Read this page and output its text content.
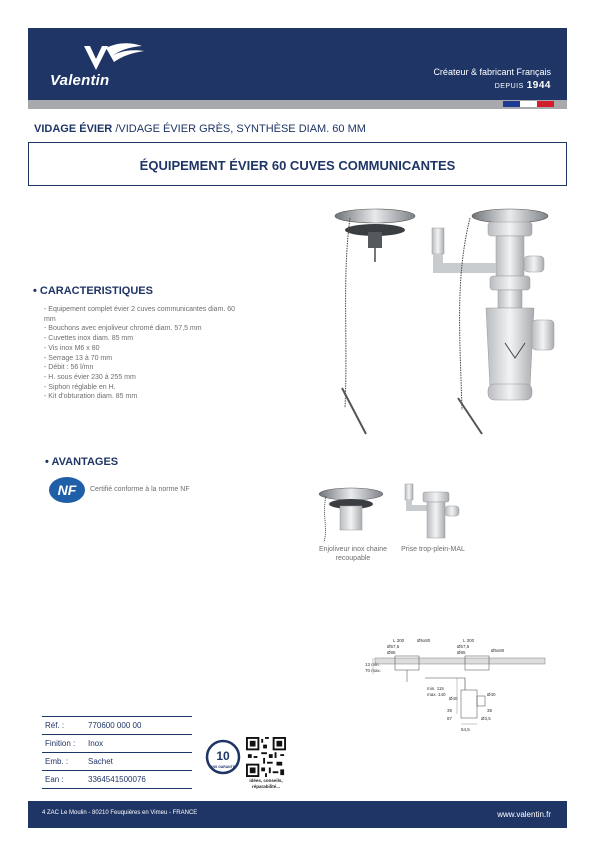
Valentin	Créateur & fabricant Français
DEPUIS 1944
VIDAGE ÉVIER /VIDAGE ÉVIER GRÈS, SYNTHÈSE DIAM. 60 MM
ÉQUIPEMENT ÉVIER 60 CUVES COMMUNICANTES
• CARACTERISTIQUES
- Equipement complet évier 2 cuves communicantes diam. 60
mm
- Bouchons avec enjoliveur chromé diam. 57,5 mm
- Cuvettes inox diam. 85 mm
- Vis inox M6 x 80
- Serrage 13 à 70 mm
- Débit : 56 l/mn
- H. sous évier 230 à 255 mm
- Siphon réglable en H.
- Kit d'obturation diam. 85 mm
• AVANTAGES
NF Certifié conforme à la norme NF
Enjoliveur inox chaine recoupable
Prise trop-plein-MAL
L 300	L 300
Ø5x80
Ø5x80
Ø57,5	Ø57,5
Ø85	Ø85
13 min.
70 max.
min. 115
max. 140	Ø40
Ø40
38
39
87	Ø3,5
54,5
Réf. :	770600 000 00
Finition :	Inox
Emb. :	Sachet
Ean :	3364541500076
10
ANS GARANTIE
idées, conseils,
réparabilité...
4 ZAC Le Moulin - 80210 Feuquières en Vimeu - FRANCE	www.valentin.fr
